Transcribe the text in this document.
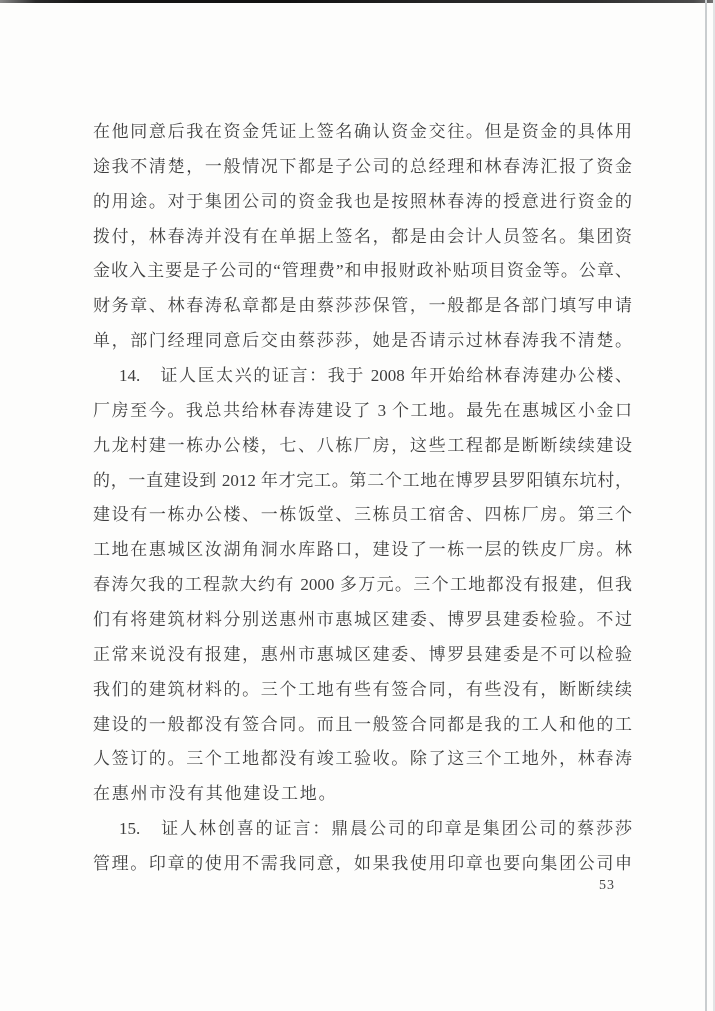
在他同意后我在资金凭证上签名确认资金交往。但是资金的具体用
途我不清楚，一般情况下都是子公司的总经理和林春涛汇报了资金
的用途。对于集团公司的资金我也是按照林春涛的授意进行资金的
拨付，林春涛并没有在单据上签名，都是由会计人员签名。集团资
金收入主要是子公司的“管理费”和申报财政补贴项目资金等。公章、
财务章、林春涛私章都是由蔡莎莎保管，一般都是各部门填写申请
单，部门经理同意后交由蔡莎莎，她是否请示过林春涛我不清楚。
14.　证人匡太兴的证言：我于 2008 年开始给林春涛建办公楼、
厂房至今。我总共给林春涛建设了 3 个工地。最先在惠城区小金口
九龙村建一栋办公楼，七、八栋厂房，这些工程都是断断续续建设
的，一直建设到 2012 年才完工。第二个工地在博罗县罗阳镇东坑村，
建设有一栋办公楼、一栋饭堂、三栋员工宿舍、四栋厂房。第三个
工地在惠城区汝湖角洞水库路口，建设了一栋一层的铁皮厂房。林
春涛欠我的工程款大约有 2000 多万元。三个工地都没有报建，但我
们有将建筑材料分别送惠州市惠城区建委、博罗县建委检验。不过
正常来说没有报建，惠州市惠城区建委、博罗县建委是不可以检验
我们的建筑材料的。三个工地有些有签合同，有些没有，断断续续
建设的一般都没有签合同。而且一般签合同都是我的工人和他的工
人签订的。三个工地都没有竣工验收。除了这三个工地外，林春涛
在惠州市没有其他建设工地。
15.　证人林创喜的证言：鼎晨公司的印章是集团公司的蔡莎莎
管理。印章的使用不需我同意，如果我使用印章也要向集团公司申
53
